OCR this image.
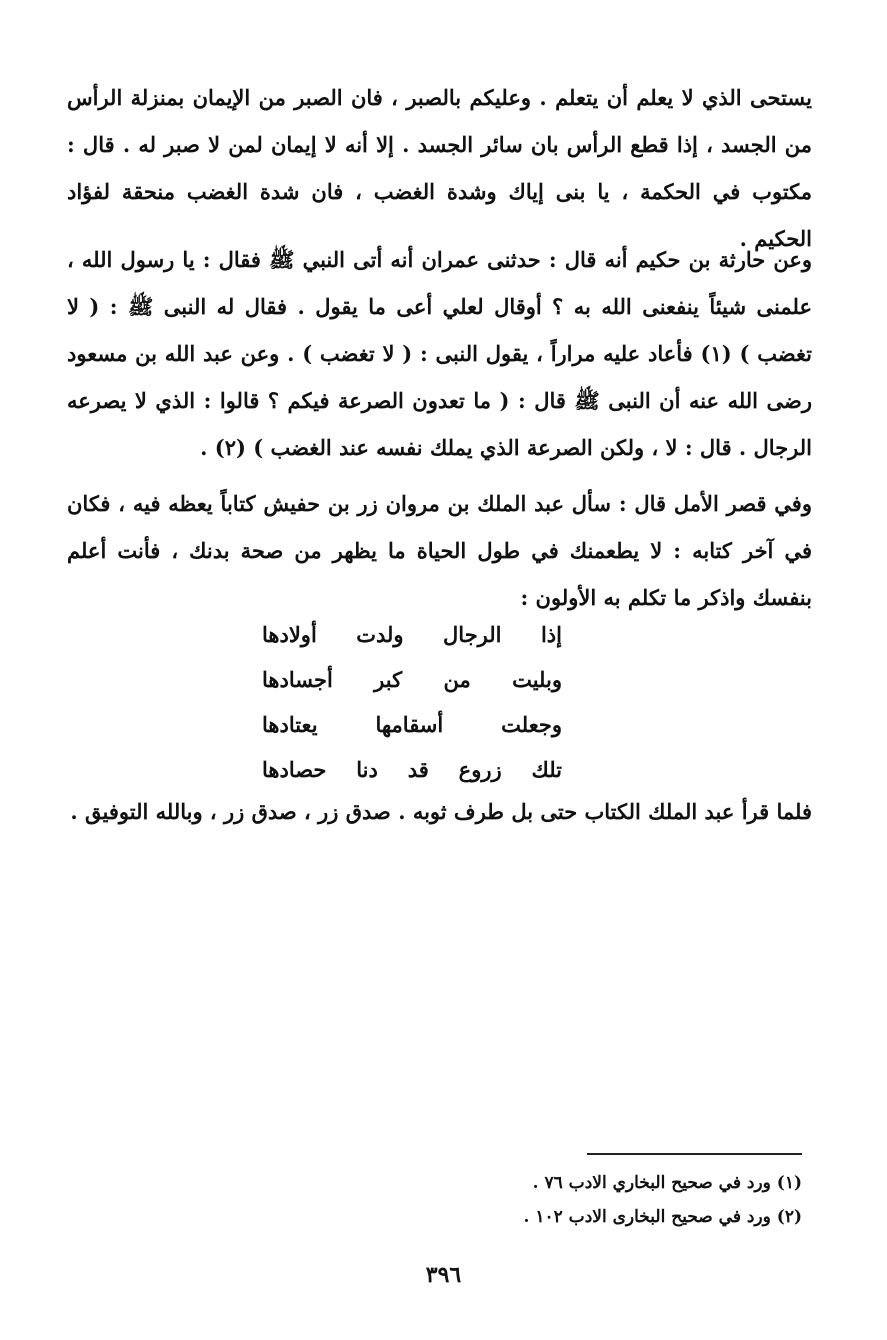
يستحى الذي لا يعلم أن يتعلم . وعليكم بالصبر ، فان الصبر من الإيمان بمنزلة الرأس من الجسد ، إذا قطع الرأس بان سائر الجسد . إلا أنه لا إيمان لمن لا صبر له . قال : مكتوب في الحكمة ، يا بنى إياك وشدة الغضب ، فان شدة الغضب منحقة لفؤاد الحكيم .

وعن حارثة بن حكيم أنه قال : حدثنى عمران أنه أتى النبي ﷺ فقال : يا رسول الله ، علمنى شيئاً ينفعنى الله به ؟ أوقال لعلي أعى ما يقول . فقال له النبى ﷺ : ( لا تغضب ) (١) فأعاد عليه مراراً ، يقول النبى : ( لا تغضب ) . وعن عبد الله بن مسعود رضى الله عنه أن النبى ﷺ قال : ( ما تعدون الصرعة فيكم ؟ قالوا : الذي لا يصرعه الرجال . قال : لا ، ولكن الصرعة الذي يملك نفسه عند الغضب ) (٢) .

وفي قصر الأمل قال : سأل عبد الملك بن مروان زر بن حفيش كتاباً يعظه فيه ، فكان في آخر كتابه : لا يطعمنك في طول الحياة ما يظهر من صحة بدنك ، فأنت أعلم بنفسك واذكر ما تكلم به الأولون :

إذا الرجال ولدت أولادها
وبليت من كبر أجسادها
وجعلت أسقامها يعتادها
تلك زروع قد دنا حصادها

فلما قرأ عبد الملك الكتاب حتى بل طرف ثوبه . صدق زر ، صدق زر ، وبالله التوفيق .

(١) ورد في صحيح البخاري الادب ٧٦ .
(٢) ورد في صحيح البخارى الادب ١٠٢ .
٣٩٦
